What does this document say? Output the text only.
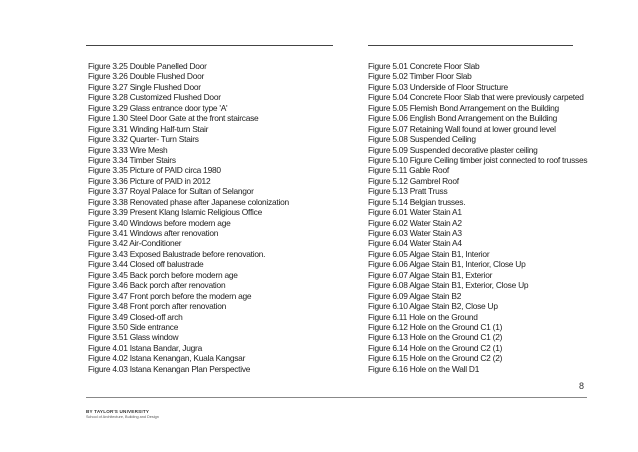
Figure 3.25 Double Panelled Door
Figure 3.26 Double Flushed Door
Figure 3.27 Single Flushed Door
Figure 3.28 Customized Flushed Door
Figure 3.29 Glass entrance door type 'A'
Figure 1.30 Steel Door Gate at the front staircase
Figure 3.31 Winding Half-turn Stair
Figure 3.32 Quarter- Turn Stairs
Figure 3.33 Wire Mesh
Figure 3.34 Timber Stairs
Figure 3.35 Picture of PAID circa 1980
Figure 3.36 Picture of PAID in 2012
Figure 3.37 Royal Palace for Sultan of Selangor
Figure 3.38 Renovated phase after Japanese colonization
Figure 3.39 Present Klang Islamic Religious Office
Figure 3.40 Windows before modern age
Figure 3.41 Windows after renovation
Figure 3.42 Air-Conditioner
Figure 3.43 Exposed Balustrade before renovation.
Figure 3.44 Closed off balustrade
Figure 3.45 Back porch before modern age
Figure 3.46 Back porch after renovation
Figure 3.47 Front porch before the modern age
Figure 3.48 Front porch after renovation
Figure 3.49 Closed-off arch
Figure 3.50 Side entrance
Figure 3.51 Glass window
Figure 4.01 Istana Bandar, Jugra
Figure 4.02 Istana Kenangan, Kuala Kangsar
Figure 4.03 Istana Kenangan Plan Perspective
Figure 5.01 Concrete Floor Slab
Figure 5.02 Timber Floor Slab
Figure 5.03 Underside of Floor Structure
Figure 5.04 Concrete Floor Slab that were previously carpeted
Figure 5.05 Flemish Bond Arrangement on the Building
Figure 5.06 English Bond Arrangement on the Building
Figure 5.07 Retaining Wall found at lower ground level
Figure 5.08 Suspended Ceiling
Figure 5.09 Suspended decorative plaster ceiling
Figure 5.10 Figure Ceiling timber joist connected to roof trusses
Figure 5.11 Gable Roof
Figure 5.12 Gambrel Roof
Figure 5.13 Pratt Truss
Figure 5.14 Belgian trusses.
Figure 6.01 Water Stain A1
Figure 6.02 Water Stain A2
Figure 6.03 Water Stain A3
Figure 6.04 Water Stain A4
Figure 6.05 Algae Stain B1, Interior
Figure 6.06 Algae Stain B1, Interior, Close Up
Figure 6.07 Algae Stain B1, Exterior
Figure 6.08 Algae Stain B1, Exterior, Close Up
Figure 6.09 Algae Stain B2
Figure 6.10 Algae Stain B2, Close Up
Figure 6.11 Hole on the Ground
Figure 6.12 Hole on the Ground C1 (1)
Figure 6.13 Hole on the Ground C1 (2)
Figure 6.14 Hole on the Ground C2 (1)
Figure 6.15 Hole on the Ground C2 (2)
Figure 6.16 Hole on the Wall D1
8
BY TAYLOR'S UNIVERSITY
School of Architecture, Building and Design
